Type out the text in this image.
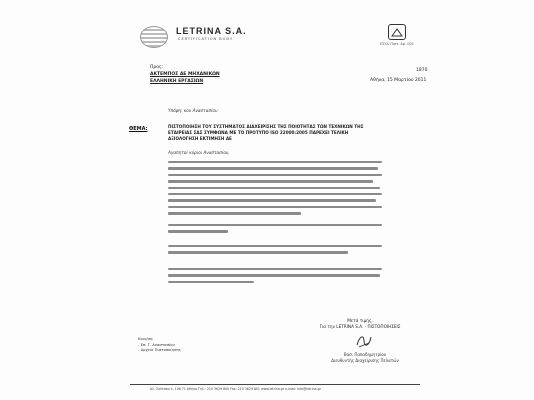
LETRINA S.A.
CERTIFICATION BODY
ΕΣΥΔ Πιστ. Αρ. 001
Προς:
ΑΚΤΕΜΠΟΣ ΑΕ ΜΗΧΑΝΙΚΩΝ
ΕΛΛΗΝΙΚΗ ΕΡΓΑΣΙΩΝ
Υπόψη: κου Αναστασίου
1870
Αθήνα, 15 Μαρτίου 2011
ΘΕΜΑ:	ΠΙΣΤΟΠΟΙΗΣΗ ΤΟΥ ΣΥΣΤΗΜΑΤΟΣ ΔΙΑΧΕΙΡΙΣΗΣ ΤΗΣ ΠΟΙΟΤΗΤΑΣ ΤΩΝ ΤΕΧΝΙΚΩΝ ΤΗΣ ΕΤΑΙΡΕΙΑΣ ΣΑΣ ΣΥΜΦΩΝΑ ΜΕ ΤΟ ΠΡΟΤΥΠΟ ISO 22000:2005 ΠΑΡΕΧΕΙ ΤΕΛΙΚΗ ΑΞΙΟΛΟΓΗΣΗ ΕΚΤΙΜΗΣΗ ΑΕ
Αγαπητοί κύριοι Αναστασίου,
Μετά τιμής,
Για την LETRINA S.A. - ΠΙΣΤΟΠΟΙΗΣΕΙΣ
Βασ. Παπαδημητρίου
Διευθυντής Διαχείρισης Πελατών
Κοιν/ση:
- Επ. Γ. Αναστασίου
- Αρχείο Πιστοποίησης
Αλ. Σούτσου 4, 106 71 Αθήνα Τηλ.: 210 3629 800 Fax: 210 3629 801 www.letrina.gr e-mail: info@letrina.gr
